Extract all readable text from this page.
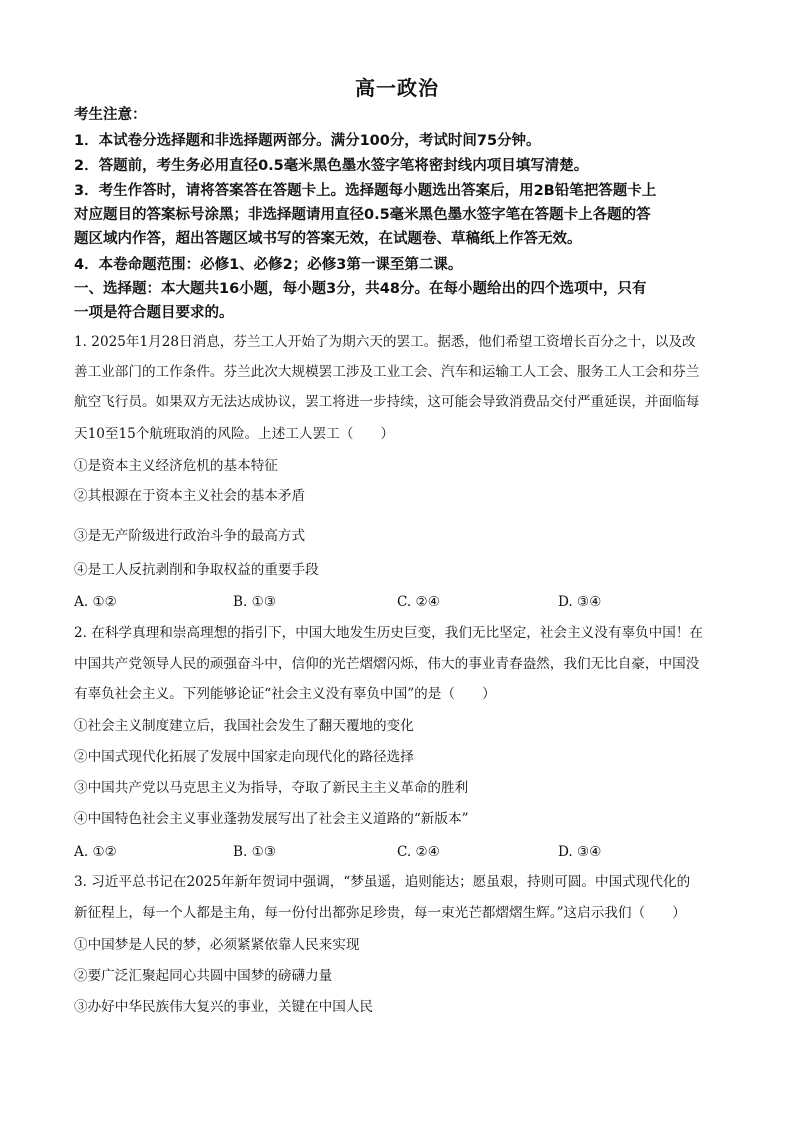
高一政治
考生注意：
1．本试卷分选择题和非选择题两部分。满分100分，考试时间75分钟。
2．答题前，考生务必用直径0.5毫米黑色墨水签字笔将密封线内项目填写清楚。
3．考生作答时，请将答案答在答题卡上。选择题每小题选出答案后，用2B铅笔把答题卡上
对应题目的答案标号涂黑；非选择题请用直径0.5毫米黑色墨水签字笔在答题卡上各题的答
题区域内作答，超出答题区域书写的答案无效，在试题卷、草稿纸上作答无效。
4．本卷命题范围：必修1、必修2；必修3第一课至第二课。
一、选择题：本大题共16小题，每小题3分，共48分。在每小题给出的四个选项中，只有
一项是符合题目要求的。
1. 2025年1月28日消息，芬兰工人开始了为期六天的罢工。据悉，他们希望工资增长百分之十，以及改
善工业部门的工作条件。芬兰此次大规模罢工涉及工业工会、汽车和运输工人工会、服务工人工会和芬兰
航空飞行员。如果双方无法达成协议，罢工将进一步持续，这可能会导致消费品交付严重延误，并面临每
天10至15个航班取消的风险。上述工人罢工（　　）
①是资本主义经济危机的基本特征
②其根源在于资本主义社会的基本矛盾
③是无产阶级进行政治斗争的最高方式
④是工人反抗剥削和争取权益的重要手段
A. ①②	B. ①③	C. ②④	D. ③④
2. 在科学真理和崇高理想的指引下，中国大地发生历史巨变，我们无比坚定，社会主义没有辜负中国！在
中国共产党领导人民的顽强奋斗中，信仰的光芒熠熠闪烁，伟大的事业青春盎然，我们无比自豪，中国没
有辜负社会主义。下列能够论证“社会主义没有辜负中国”的是（　　）
①社会主义制度建立后，我国社会发生了翻天覆地的变化
②中国式现代化拓展了发展中国家走向现代化的路径选择
③中国共产党以马克思主义为指导，夺取了新民主主义革命的胜利
④中国特色社会主义事业蓬勃发展写出了社会主义道路的“新版本”
A. ①②	B. ①③	C. ②④	D. ③④
3. 习近平总书记在2025年新年贺词中强调，“梦虽遥，追则能达；愿虽艰，持则可圆。中国式现代化的
新征程上，每一个人都是主角，每一份付出都弥足珍贵，每一束光芒都熠熠生辉。”这启示我们（　　）
①中国梦是人民的梦，必须紧紧依靠人民来实现
②要广泛汇聚起同心共圆中国梦的磅礴力量
③办好中华民族伟大复兴的事业，关键在中国人民
